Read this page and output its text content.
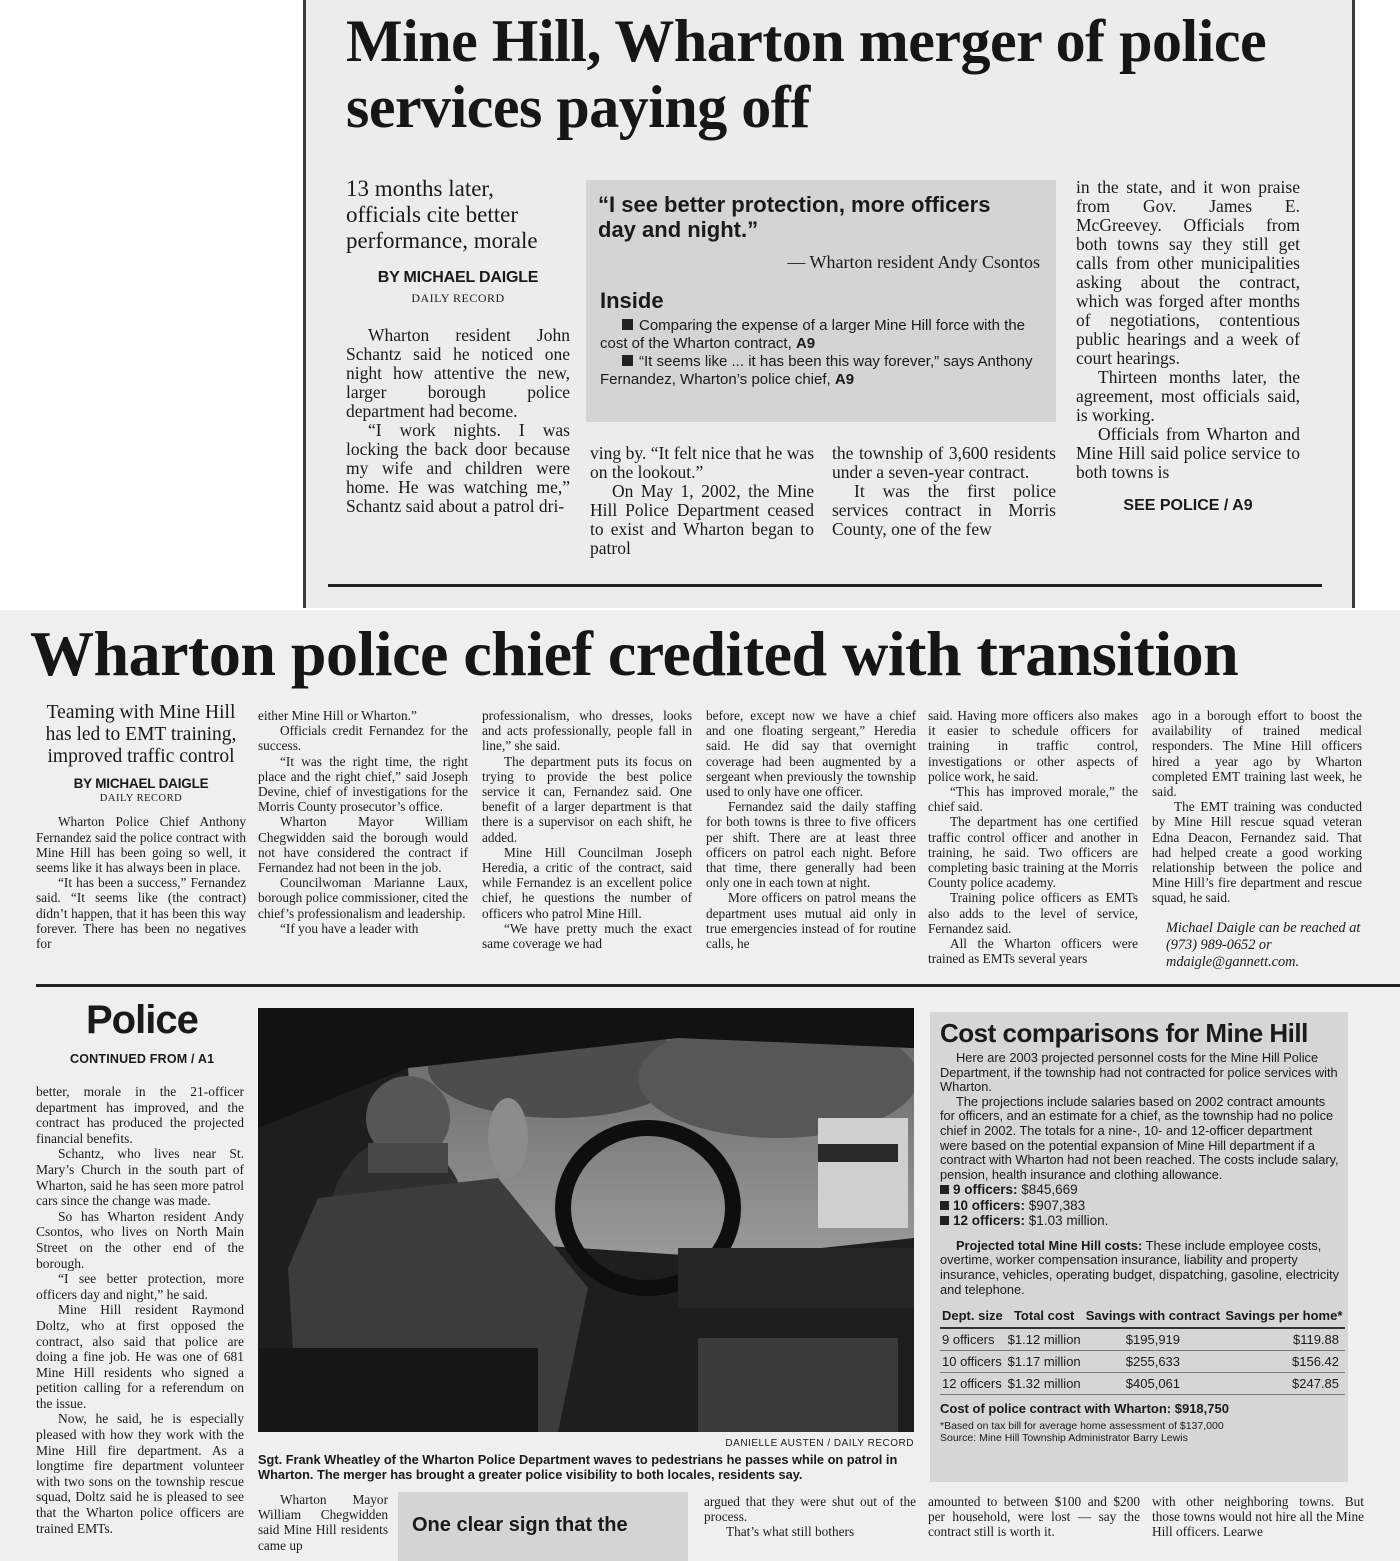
Mine Hill, Wharton merger of police services paying off
13 months later, officials cite better performance, morale
BY MICHAEL DAIGLE
DAILY RECORD

Wharton resident John Schantz said he noticed one night how attentive the new, larger borough police department had become.

“I work nights. I was locking the back door because my wife and children were home. He was watching me,” Schantz said about a patrol dri-

“I see better protection, more officers day and night.”
— Wharton resident Andy Csontos
Inside
Comparing the expense of a larger Mine Hill force with the cost of the Wharton contract, A9
“It seems like ... it has been this way forever,” says Anthony Fernandez, Wharton’s police chief, A9

ving by. “It felt nice that he was on the lookout.”

On May 1, 2002, the Mine Hill Police Department ceased to exist and Wharton began to patrol

the township of 3,600 residents under a seven-year contract.

It was the first police services contract in Morris County, one of the few

in the state, and it won praise from Gov. James E. McGreevey. Officials from both towns say they still get calls from other municipalities asking about the contract, which was forged after months of negotiations, contentious public hearings and a week of court hearings.

Thirteen months later, the agreement, most officials said, is working.

Officials from Wharton and Mine Hill said police service to both towns is

SEE POLICE / A9
Wharton police chief credited with transition
Teaming with Mine Hill has led to EMT training, improved traffic control
BY MICHAEL DAIGLE
DAILY RECORD

Wharton Police Chief Anthony Fernandez said the police contract with Mine Hill has been going so well, it seems like it has always been in place.

“It has been a success,” Fernandez said. “It seems like (the contract) didn’t happen, that it has been this way forever. There has been no negatives for

either Mine Hill or Wharton.”

Officials credit Fernandez for the success.

“It was the right time, the right place and the right chief,” said Joseph Devine, chief of investigations for the Morris County prosecutor’s office.

Wharton Mayor William Chegwidden said the borough would not have considered the contract if Fernandez had not been in the job.

Councilwoman Marianne Laux, borough police commissioner, cited the chief’s professionalism and leadership.

“If you have a leader with

professionalism, who dresses, looks and acts professionally, people fall in line,” she said.

The department puts its focus on trying to provide the best police service it can, Fernandez said. One benefit of a larger department is that there is a supervisor on each shift, he added.

Mine Hill Councilman Joseph Heredia, a critic of the contract, said while Fernandez is an excellent police chief, he questions the number of officers who patrol Mine Hill.

“We have pretty much the exact same coverage we had

before, except now we have a chief and one floating sergeant,” Heredia said. He did say that overnight coverage had been augmented by a sergeant when previously the township used to only have one officer.

Fernandez said the daily staffing for both towns is three to five officers per shift. There are at least three officers on patrol each night. Before that time, there generally had been only one in each town at night.

More officers on patrol means the department uses mutual aid only in true emergencies instead of for routine calls, he

said. Having more officers also makes it easier to schedule officers for training in traffic control, investigations or other aspects of police work, he said.

“This has improved morale,” the chief said.

The department has one certified traffic control officer and another in training, he said. Two officers are completing basic training at the Morris County police academy.

Training police officers as EMTs also adds to the level of service, Fernandez said.

All the Wharton officers were trained as EMTs several years

ago in a borough effort to boost the availability of trained medical responders. The Mine Hill officers hired a year ago by Wharton completed EMT training last week, he said.

The EMT training was conducted by Mine Hill rescue squad veteran Edna Deacon, Fernandez said. That had helped create a good working relationship between the police and Mine Hill’s fire department and rescue squad, he said.

Michael Daigle can be reached at (973) 989-0652 or mdaigle@gannett.com.
Police
CONTINUED FROM / A1

better, morale in the 21-officer department has improved, and the contract has produced the projected financial benefits.

Schantz, who lives near St. Mary’s Church in the south part of Wharton, said he has seen more patrol cars since the change was made.

So has Wharton resident Andy Csontos, who lives on North Main Street on the other end of the borough.

“I see better protection, more officers day and night,” he said.

Mine Hill resident Raymond Doltz, who at first opposed the contract, also said that police are doing a fine job. He was one of 681 Mine Hill residents who signed a petition calling for a referendum on the issue.

Now, he said, he is especially pleased with how they work with the Mine Hill fire department. As a longtime fire department volunteer with two sons on the township rescue squad, Doltz said he is pleased to see that the Wharton police officers are trained EMTs.

DANIELLE AUSTEN / DAILY RECORD
Sgt. Frank Wheatley of the Wharton Police Department waves to pedestrians he passes while on patrol in Wharton. The merger has brought a greater police visibility to both locales, residents say.
Cost comparisons for Mine Hill
Here are 2003 projected personnel costs for the Mine Hill Police Department, if the township had not contracted for police services with Wharton.
The projections include salaries based on 2002 contract amounts for officers, and an estimate for a chief, as the township had no police chief in 2002. The totals for a nine-, 10- and 12-officer department were based on the potential expansion of Mine Hill department if a contract with Wharton had not been reached. The costs include salary, pension, health insurance and clothing allowance.
9 officers: $845,669
10 officers: $907,383
12 officers: $1.03 million.
Projected total Mine Hill costs: These include employee costs, overtime, worker compensation insurance, liability and property insurance, vehicles, operating budget, dispatching, gasoline, electricity and telephone.
Dept. size	Total cost	Savings with contract	Savings per home*
9 officers	$1.12 million	$195,919	$119.88
10 officers	$1.17 million	$255,633	$156.42
12 officers	$1.32 million	$405,061	$247.85
Cost of police contract with Wharton: $918,750
*Based on tax bill for average home assessment of $137,000
Source: Mine Hill Township Administrator Barry Lewis

Wharton Mayor William Chegwidden said Mine Hill residents came up

One clear sign that the

argued that they were shut out of the process.

That’s what still bothers

amounted to between $100 and $200 per household, were lost — say the contract still is worth it.

with other neighboring towns. But those towns would not hire all the Mine Hill officers. Learwe
